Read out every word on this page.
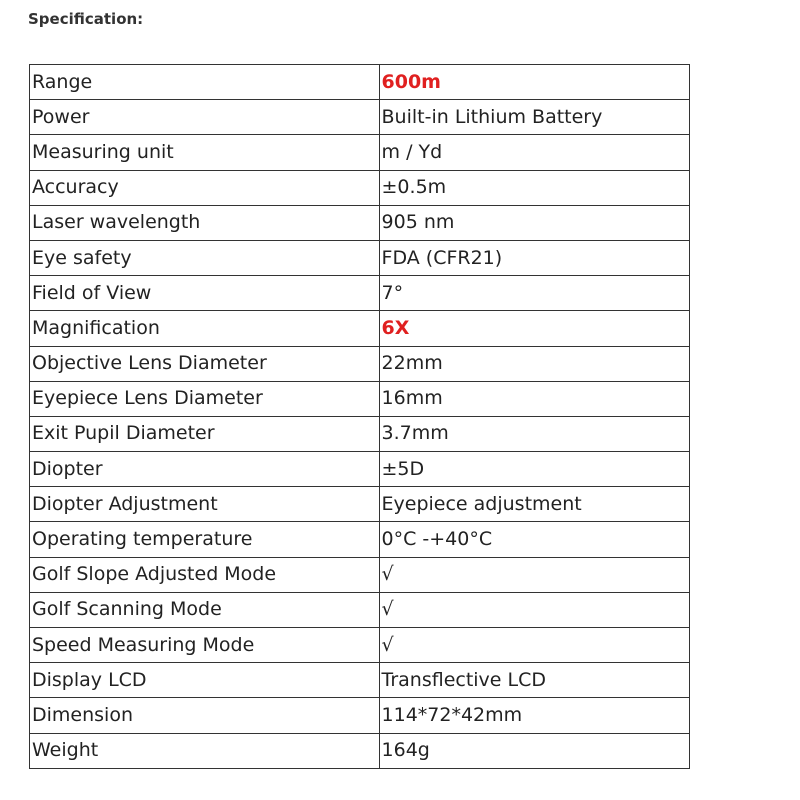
Specification:
Range	600m
Power	Built-in Lithium Battery
Measuring unit	m / Yd
Accuracy	±0.5m
Laser wavelength	905 nm
Eye safety	FDA (CFR21)
Field of View	7°
Magnification	6X
Objective Lens Diameter	22mm
Eyepiece Lens Diameter	16mm
Exit Pupil Diameter	3.7mm
Diopter	±5D
Diopter Adjustment	Eyepiece adjustment
Operating temperature	0°C -+40°C
Golf Slope Adjusted Mode	√
Golf Scanning Mode	√
Speed Measuring Mode	√
Display LCD	Transflective LCD
Dimension	114*72*42mm
Weight	164g
